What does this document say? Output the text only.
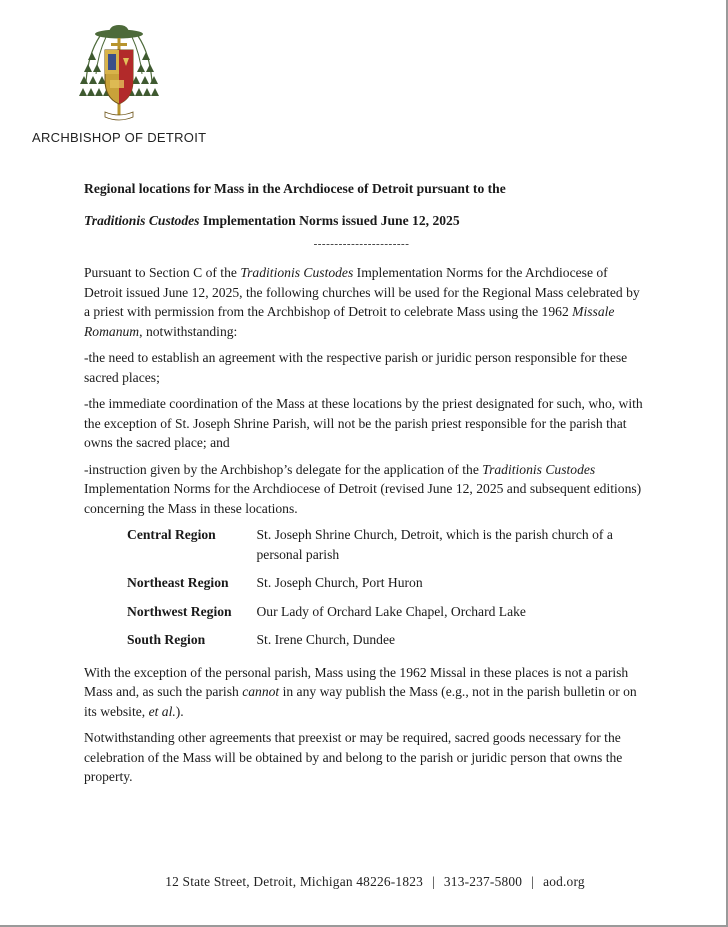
ARCHBISHOP OF DETROIT
Regional locations for Mass in the Archdiocese of Detroit pursuant to the
Traditionis Custodes Implementation Norms issued June 12, 2025
-----------------------

Pursuant to Section C of the Traditionis Custodes Implementation Norms for the Archdiocese of Detroit issued June 12, 2025, the following churches will be used for the Regional Mass celebrated by a priest with permission from the Archbishop of Detroit to celebrate Mass using the 1962 Missale Romanum, notwithstanding:

-the need to establish an agreement with the respective parish or juridic person responsible for these sacred places;

-the immediate coordination of the Mass at these locations by the priest designated for such, who, with the exception of St. Joseph Shrine Parish, will not be the parish priest responsible for the parish that owns the sacred place; and

-instruction given by the Archbishop’s delegate for the application of the Traditionis Custodes Implementation Norms for the Archdiocese of Detroit (revised June 12, 2025 and subsequent editions) concerning the Mass in these locations.

Central Region	St. Joseph Shrine Church, Detroit, which is the parish church of a personal parish
Northeast Region	St. Joseph Church, Port Huron
Northwest Region	Our Lady of Orchard Lake Chapel, Orchard Lake
South Region	St. Irene Church, Dundee

With the exception of the personal parish, Mass using the 1962 Missal in these places is not a parish Mass and, as such the parish cannot in any way publish the Mass (e.g., not in the parish bulletin or on its website, et al.).

Notwithstanding other agreements that preexist or may be required, sacred goods necessary for the celebration of the Mass will be obtained by and belong to the parish or juridic person that owns the property.

12 State Street, Detroit, Michigan 48226-1823 | 313-237-5800 | aod.org
